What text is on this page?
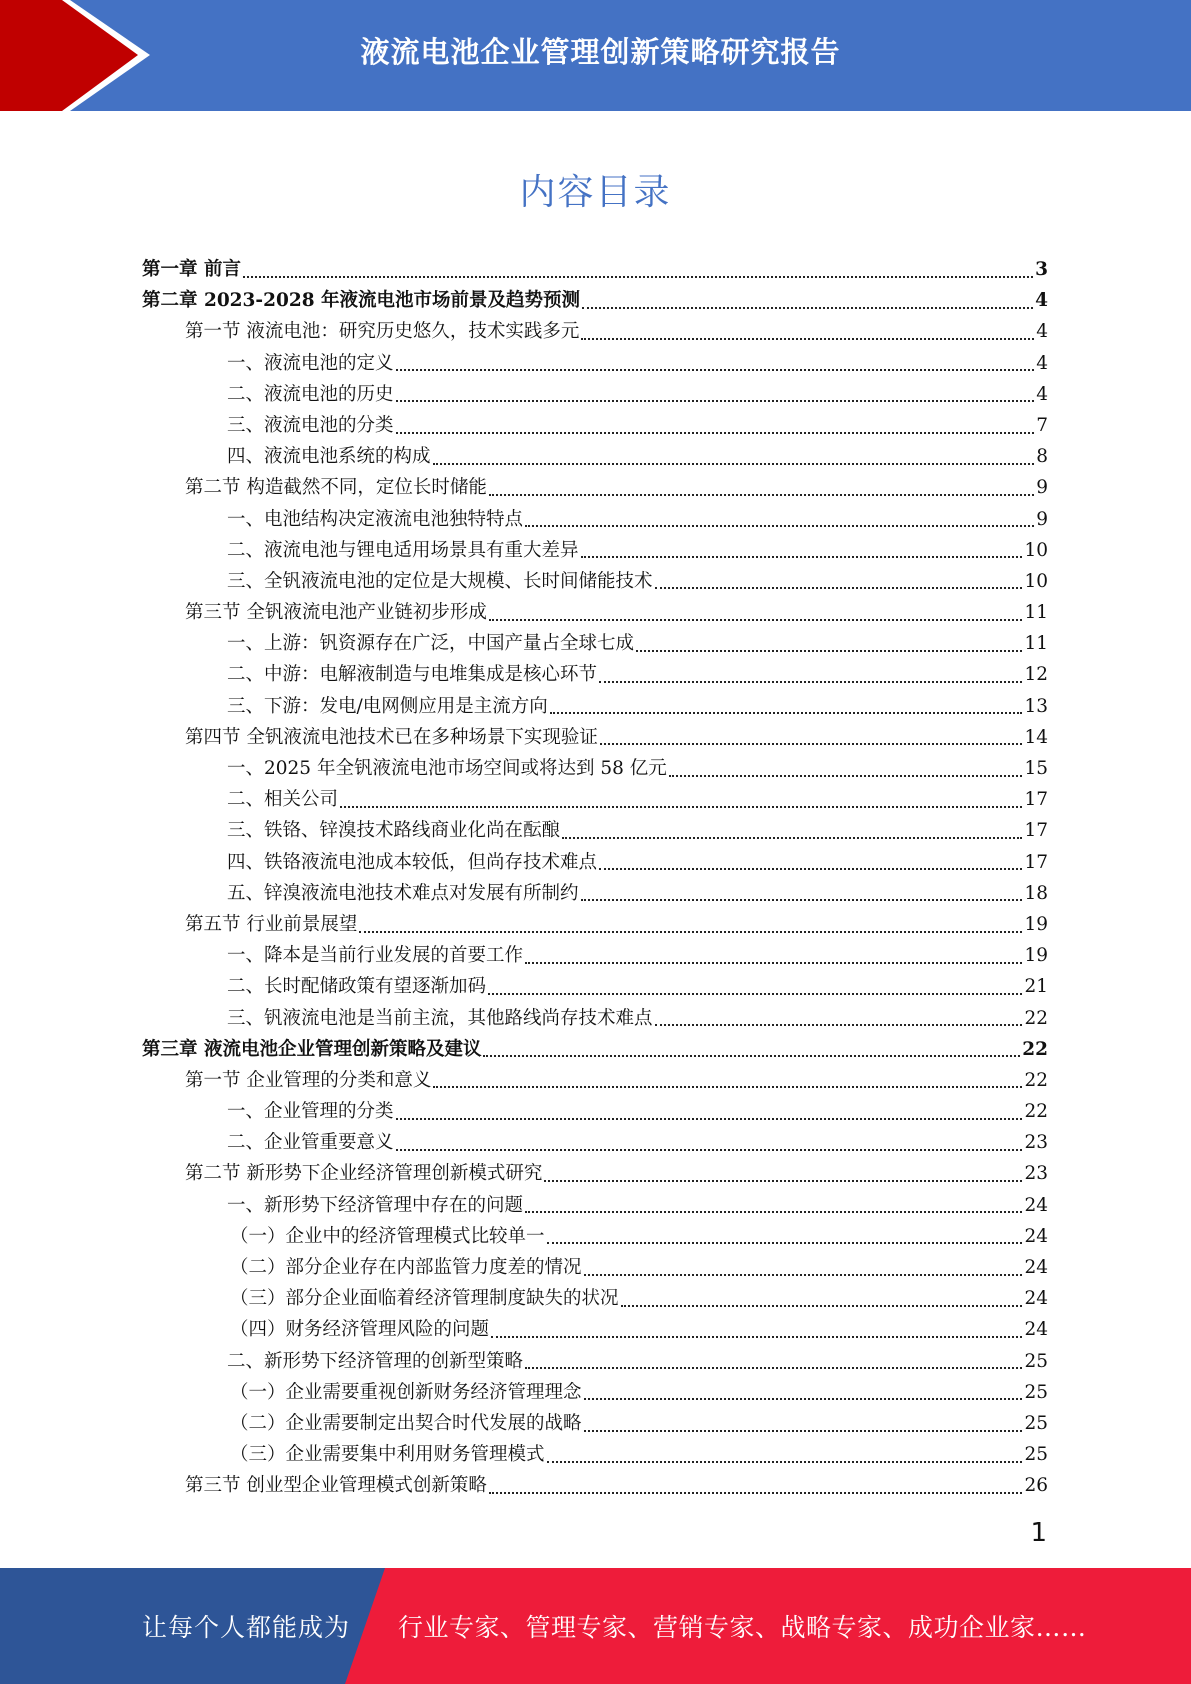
液流电池企业管理创新策略研究报告
内容目录
第一章 前言	3
第二章 2023-2028 年液流电池市场前景及趋势预测	4
第一节 液流电池：研究历史悠久，技术实践多元	4
一、液流电池的定义	4
二、液流电池的历史	4
三、液流电池的分类	7
四、液流电池系统的构成	8
第二节 构造截然不同，定位长时储能	9
一、电池结构决定液流电池独特特点	9
二、液流电池与锂电适用场景具有重大差异	10
三、全钒液流电池的定位是大规模、长时间储能技术	10
第三节 全钒液流电池产业链初步形成	11
一、上游：钒资源存在广泛，中国产量占全球七成	11
二、中游：电解液制造与电堆集成是核心环节	12
三、下游：发电/电网侧应用是主流方向	13
第四节 全钒液流电池技术已在多种场景下实现验证	14
一、2025 年全钒液流电池市场空间或将达到 58 亿元	15
二、相关公司	17
三、铁铬、锌溴技术路线商业化尚在酝酿	17
四、铁铬液流电池成本较低，但尚存技术难点	17
五、锌溴液流电池技术难点对发展有所制约	18
第五节 行业前景展望	19
一、降本是当前行业发展的首要工作	19
二、长时配储政策有望逐渐加码	21
三、钒液流电池是当前主流，其他路线尚存技术难点	22
第三章 液流电池企业管理创新策略及建议	22
第一节 企业管理的分类和意义	22
一、企业管理的分类	22
二、企业管重要意义	23
第二节 新形势下企业经济管理创新模式研究	23
一、新形势下经济管理中存在的问题	24
（一）企业中的经济管理模式比较单一	24
（二）部分企业存在内部监管力度差的情况	24
（三）部分企业面临着经济管理制度缺失的状况	24
（四）财务经济管理风险的问题	24
二、新形势下经济管理的创新型策略	25
（一）企业需要重视创新财务经济管理理念	25
（二）企业需要制定出契合时代发展的战略	25
（三）企业需要集中利用财务管理模式	25
第三节 创业型企业管理模式创新策略	26
1
让每个人都能成为 行业专家、管理专家、营销专家、战略专家、成功企业家……
